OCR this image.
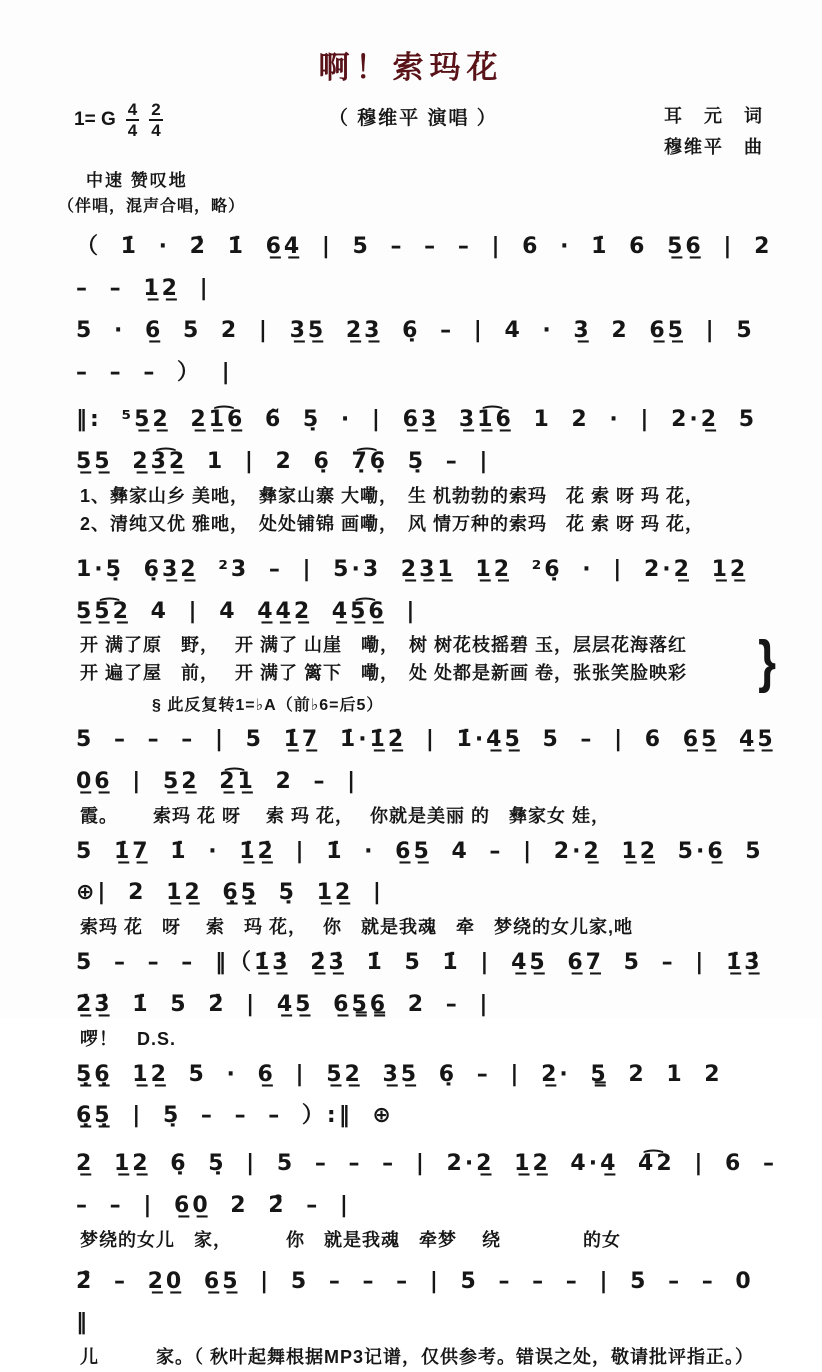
啊！索玛花
1= G $\frac{4}{4} \frac{2}{4}$	（ 穆维平 演唱 ）	耳　元　词
穆维平　曲
中速 赞叹地
（伴唱，混声合唱，略）
（ 1̇ · 2̇ 1̇ 6̲4̲ | 5 – – – | 6 · 1̇ 6 5̲6̲ | 2 – – 1̲2̲ |
5 · 6̲ 5 2 | 3̲5̲ 2̲3̲ 6̣ – | 4 · 3̲ 2 6̲5̲ | 5 – – – ） |
‖: ⁵5̲2̲ 2̲1̲͡6̲ 6̃ 5̣ · | 6̲3̲ 3̲1̲͡6̲ 1 2 · | 2·2̲ 5 5̲5̲ 2̲3̲͡2̲ 1 | 2 6̣ 7̣͡6̣ 5̣ – |
1、彝家山乡 美吔，　彝家山寨 大嘞，　生 机勃勃的索玛　花 索 呀 玛 花，
2、清纯又优 雅吔，　处处铺锦 画嘞，　风 情万种的索玛　花 索 呀 玛 花，
1·5̣ 6̣3̲2̲ ²3 – | 5·3 2̲3̲1̲ 1̲2̲ ²6̣ · | 2·2̲ 1̲2̲ 5̲5̲͡2̲ 4 | 4 4̲4̲2̲ 4̲5̲͡6̲ |
开 满了原　野，　 开 满了 山崖　嘞，　树 树花枝摇碧 玉，层层花海落红
开 遍了屋　前，　 开 满了 篱下　嘞，　处 处都是新画 卷，张张笑脸映彩	}
§ 此反复转1=♭A（前♭6=后5）
5 – – – | 5 1̲̇7̲ 1̇·1̲̇2̲̇ | 1̇·4̲5̲ 5 – | 6 6̲5̲ 4̲5̲ 0̲6̲ | 5̲2̲ 2̲͡1̲ 2 – |
霞。　　 索玛 花 呀　 索 玛 花，　 你就是美丽 的　彝家女 娃，
5 1̲̇7̲ 1̇ · 1̲̇2̲̇ | 1̇ · 6̲5̲ 4 – | 2·2̲ 1̲2̲ 5·6̲ 5 ⊕| 2 1̲2̲ 6̲̣5̲̣ 5̣ 1̲2̲ |
索玛 花　呀　 索　玛 花，　 你　就是我魂　牵　梦绕的女儿家,吔
5 – – – ‖（1̲̇3̲̇ 2̲̇3̲̇ 1̇ 5 1̇ | 4̲5̲ 6̲7̲ 5 – | 1̲̇3̲̇ 2̲̇3̲̇ 1̇ 5 2̇ | 4̲5̲ 6̲5̳6̳ 2 – |
啰！　D.S.
5̲̣6̲̣ 1̲2̲ 5 · 6̲ | 5̲2̲ 3̲5̲ 6̣ – | 2̲· 5̳ 2 1 2 6̲̣5̲̣ | 5̣ – – – ）:‖ ⊕
2̲ 1̲2̲ 6̣ 5̣ | 5 – – – | 2·2̲ 1̲2̲ 4·4̲ 4͡2 | 6 – – – | 6̲0̲ 2 2̑ – |
梦绕的女儿　家，　　　 你　就是我魂　牵梦　 绕　　　　 的女
2̑ – 2̲0̲ 6̲5̲ | 5 – – – | 5 – – – | 5 – – 0 ‖
儿　　　家。（ 秋叶起舞根据MP3记谱，仅供参考。错误之处，敬请批评指正。）
